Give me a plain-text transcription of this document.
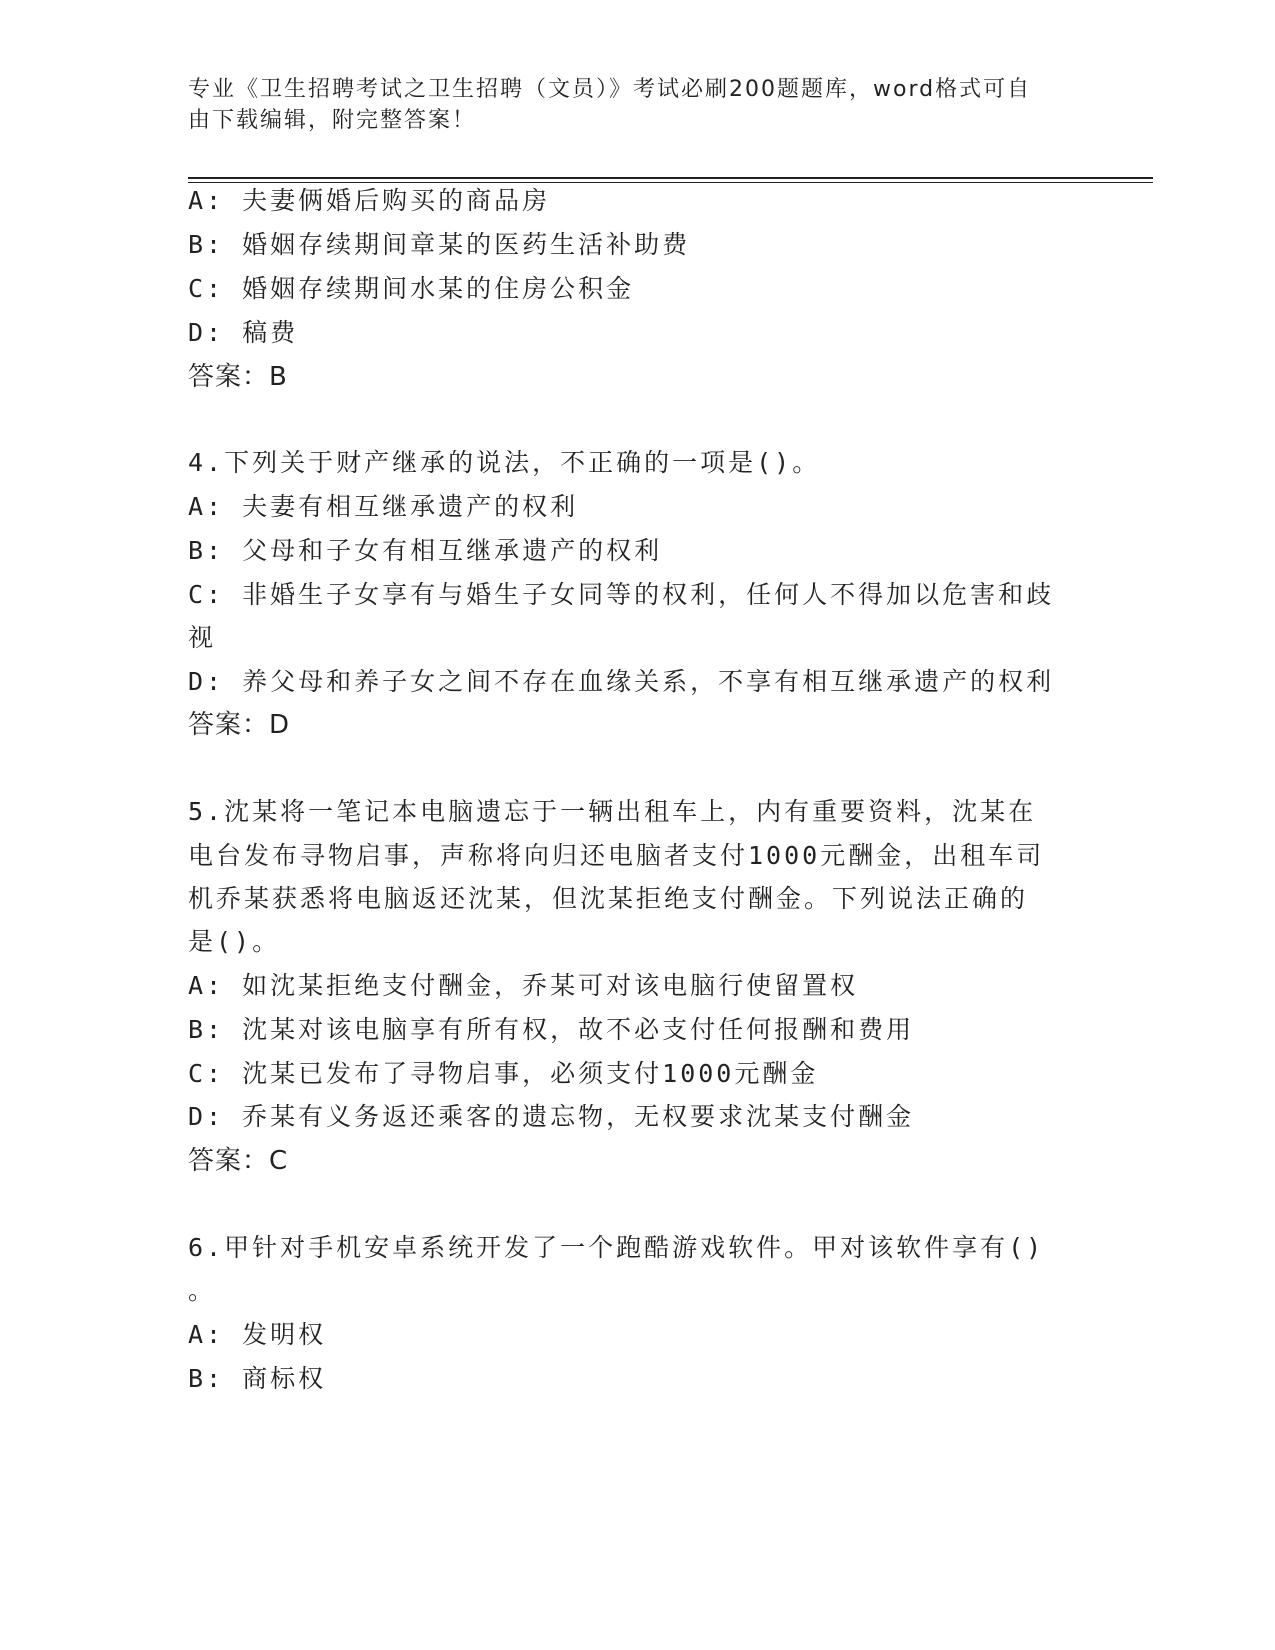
专业《卫生招聘考试之卫生招聘（文员）》考试必刷200题题库，word格式可自
由下载编辑，附完整答案！
A: 夫妻俩婚后购买的商品房
B: 婚姻存续期间章某的医药生活补助费
C: 婚姻存续期间水某的住房公积金
D: 稿费
答案：B
4.下列关于财产继承的说法，不正确的一项是()。
A: 夫妻有相互继承遗产的权利
B: 父母和子女有相互继承遗产的权利
C: 非婚生子女享有与婚生子女同等的权利，任何人不得加以危害和歧
视
D: 养父母和养子女之间不存在血缘关系，不享有相互继承遗产的权利
答案：D
5.沈某将一笔记本电脑遗忘于一辆出租车上，内有重要资料，沈某在
电台发布寻物启事，声称将向归还电脑者支付1000元酬金，出租车司
机乔某获悉将电脑返还沈某，但沈某拒绝支付酬金。下列说法正确的
是()。
A: 如沈某拒绝支付酬金，乔某可对该电脑行使留置权
B: 沈某对该电脑享有所有权，故不必支付任何报酬和费用
C: 沈某已发布了寻物启事，必须支付1000元酬金
D: 乔某有义务返还乘客的遗忘物，无权要求沈某支付酬金
答案：C
6.甲针对手机安卓系统开发了一个跑酷游戏软件。甲对该软件享有()
。
A: 发明权
B: 商标权
